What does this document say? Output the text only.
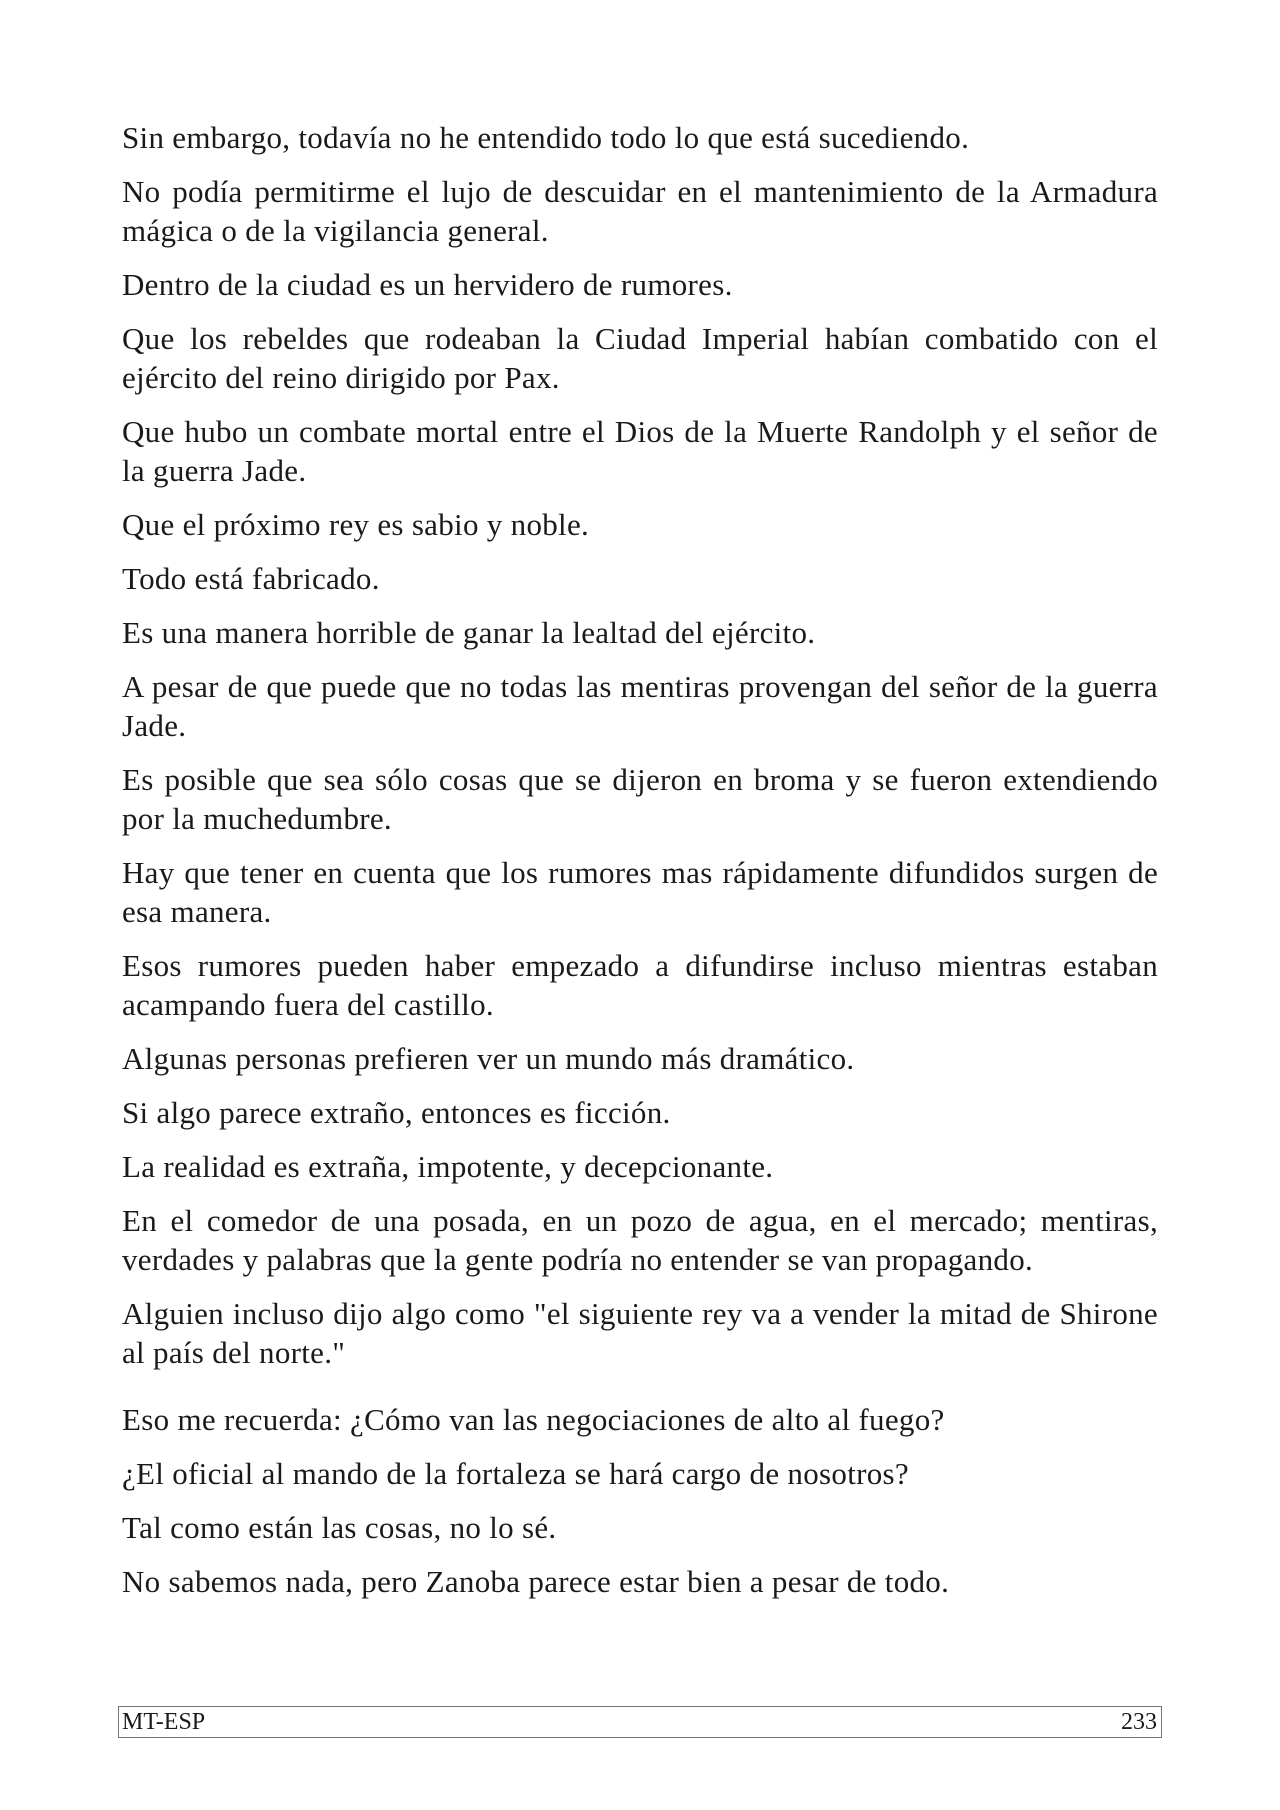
Sin embargo, todavía no he entendido todo lo que está sucediendo.

No podía permitirme el lujo de descuidar en el mantenimiento de la Armadura mágica o de la vigilancia general.

Dentro de la ciudad es un hervidero de rumores.

Que los rebeldes que rodeaban la Ciudad Imperial habían combatido con el ejército del reino dirigido por Pax.

Que hubo un combate mortal entre el Dios de la Muerte Randolph y el señor de la guerra Jade.

Que el próximo rey es sabio y noble.

Todo está fabricado.

Es una manera horrible de ganar la lealtad del ejército.

A pesar de que puede que no todas las mentiras provengan del señor de la guerra Jade.

Es posible que sea sólo cosas que se dijeron en broma y se fueron extendiendo por la muchedumbre.

Hay que tener en cuenta que los rumores mas rápidamente difundidos surgen de esa manera.

Esos rumores pueden haber empezado a difundirse incluso mientras estaban acampando fuera del castillo.

Algunas personas prefieren ver un mundo más dramático.

Si algo parece extraño, entonces es ficción.

La realidad es extraña, impotente, y decepcionante.

En el comedor de una posada, en un pozo de agua, en el mercado; mentiras, verdades y palabras que la gente podría no entender se van propagando.

Alguien incluso dijo algo como "el siguiente rey va a vender la mitad de Shirone al país del norte."

Eso me recuerda: ¿Cómo van las negociaciones de alto al fuego?

¿El oficial al mando de la fortaleza se hará cargo de nosotros?

Tal como están las cosas, no lo sé.

No sabemos nada, pero Zanoba parece estar bien a pesar de todo.

MT-ESP	233
